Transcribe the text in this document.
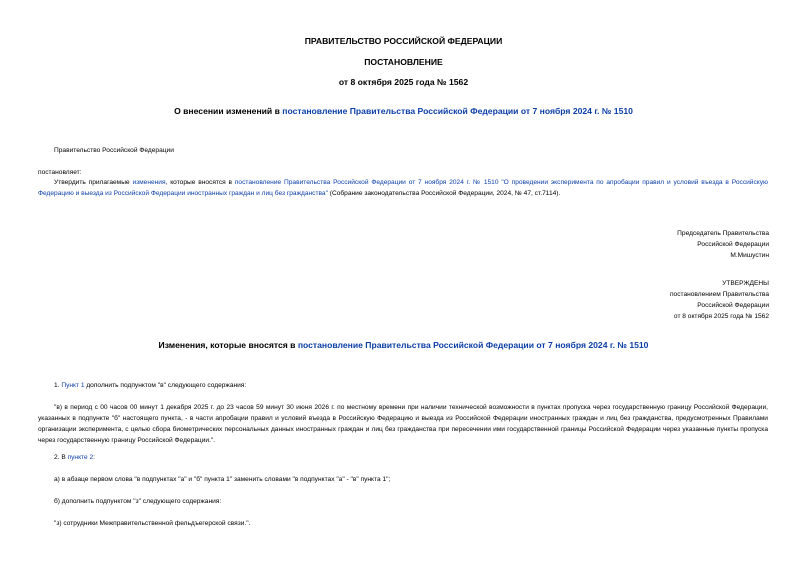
ПРАВИТЕЛЬСТВО РОССИЙСКОЙ ФЕДЕРАЦИИ
ПОСТАНОВЛЕНИЕ
от 8 октября 2025 года № 1562
О внесении изменений в постановление Правительства Российской Федерации от 7 ноября 2024 г. № 1510
Правительство Российской Федерации
постановляет:
Утвердить прилагаемые изменения, которые вносятся в постановление Правительства Российской Федерации от 7 ноября 2024 г. № 1510 "О проведении эксперимента по апробации правил и условий въезда в Российскую Федерацию и выезда из Российской Федерации иностранных граждан и лиц без гражданства" (Собрание законодательства Российской Федерации, 2024, № 47, ст.7114).
Председатель Правительства
Российской Федерации
М.Мишустин
УТВЕРЖДЕНЫ
постановлением Правительства
Российской Федерации
от 8 октября 2025 года № 1562
Изменения, которые вносятся в постановление Правительства Российской Федерации от 7 ноября 2024 г. № 1510
1. Пункт 1 дополнить подпунктом "в" следующего содержания:
"в) в период с 00 часов 00 минут 1 декабря 2025 г. до 23 часов 59 минут 30 июня 2026 г. по местному времени при наличии технической возможности в пунктах пропуска через государственную границу Российской Федерации, указанных в подпункте "б" настоящего пункта, - в части апробации правил и условий въезда в Российскую Федерацию и выезда из Российской Федерации иностранных граждан и лиц без гражданства, предусмотренных Правилами организации эксперимента, с целью сбора биометрических персональных данных иностранных граждан и лиц без гражданства при пересечении ими государственной границы Российской Федерации через указанные пункты пропуска через государственную границу Российской Федерации.".
2. В пункте 2:
а) в абзаце первом слова "в подпунктах "а" и "б" пункта 1" заменить словами "в подпунктах "а" - "в" пункта 1";
б) дополнить подпунктом "з" следующего содержания:
"з) сотрудники Межправительственной фельдъегерской связи.".
